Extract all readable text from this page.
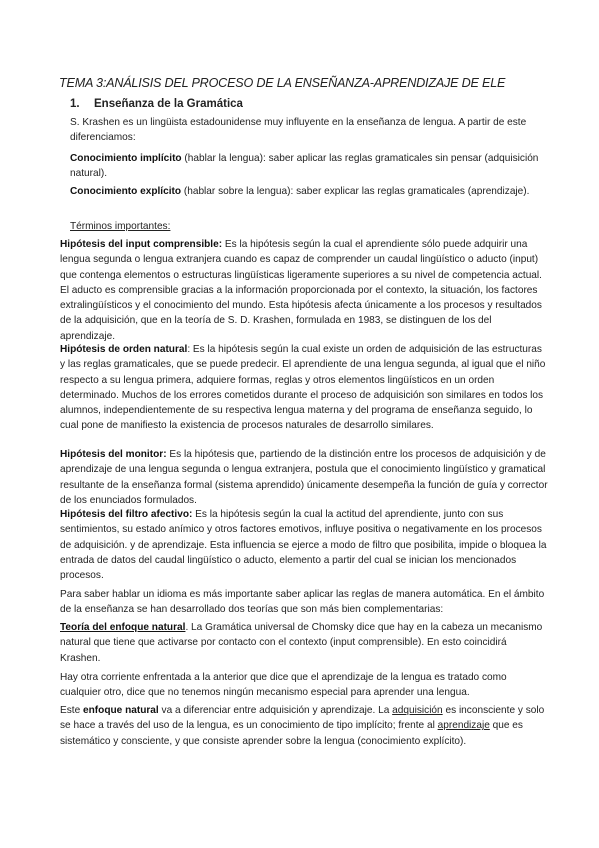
TEMA 3:ANÁLISIS DEL PROCESO DE LA ENSEÑANZA-APRENDIZAJE DE ELE
1. Enseñanza de la Gramática
S. Krashen es un lingüista estadounidense muy influyente en la enseñanza de lengua. A partir de este diferenciamos:
Conocimiento implícito (hablar la lengua): saber aplicar las reglas gramaticales sin pensar (adquisición natural).
Conocimiento explícito (hablar sobre la lengua): saber explicar las reglas gramaticales (aprendizaje).
Términos importantes:
Hipótesis del input comprensible: Es la hipótesis según la cual el aprendiente sólo puede adquirir una lengua segunda o lengua extranjera cuando es capaz de comprender un caudal lingüístico o aducto (input) que contenga elementos o estructuras lingüísticas ligeramente superiores a su nivel de competencia actual. El aducto es comprensible gracias a la información proporcionada por el contexto, la situación, los factores extralingüísticos y el conocimiento del mundo. Esta hipótesis afecta únicamente a los procesos y resultados de la adquisición, que en la teoría de S. D. Krashen, formulada en 1983, se distinguen de los del aprendizaje.
Hipótesis de orden natural: Es la hipótesis según la cual existe un orden de adquisición de las estructuras y las reglas gramaticales, que se puede predecir. El aprendiente de una lengua segunda, al igual que el niño respecto a su lengua primera, adquiere formas, reglas y otros elementos lingüísticos en un orden determinado. Muchos de los errores cometidos durante el proceso de adquisición son similares en todos los alumnos, independientemente de su respectiva lengua materna y del programa de enseñanza seguido, lo cual pone de manifiesto la existencia de procesos naturales de desarrollo similares.
Hipótesis del monitor: Es la hipótesis que, partiendo de la distinción entre los procesos de adquisición y de aprendizaje de una lengua segunda o lengua extranjera, postula que el conocimiento lingüístico y gramatical resultante de la enseñanza formal (sistema aprendido) únicamente desempeña la función de guía y corrector de los enunciados formulados.
Hipótesis del filtro afectivo: Es la hipótesis según la cual la actitud del aprendiente, junto con sus sentimientos, su estado anímico y otros factores emotivos, influye positiva o negativamente en los procesos de adquisición. y de aprendizaje. Esta influencia se ejerce a modo de filtro que posibilita, impide o bloquea la entrada de datos del caudal lingüístico o aducto, elemento a partir del cual se inician los mencionados procesos.
Para saber hablar un idioma es más importante saber aplicar las reglas de manera automática. En el ámbito de la enseñanza se han desarrollado dos teorías que son más bien complementarias:
Teoría del enfoque natural. La Gramática universal de Chomsky dice que hay en la cabeza un mecanismo natural que tiene que activarse por contacto con el contexto (input comprensible). En esto coincidirá Krashen.
Hay otra corriente enfrentada a la anterior que dice que el aprendizaje de la lengua es tratado como cualquier otro, dice que no tenemos ningún mecanismo especial para aprender una lengua.
Este enfoque natural va a diferenciar entre adquisición y aprendizaje. La adquisición es inconsciente y solo se hace a través del uso de la lengua, es un conocimiento de tipo implícito; frente al aprendizaje que es sistemático y consciente, y que consiste aprender sobre la lengua (conocimiento explícito).
